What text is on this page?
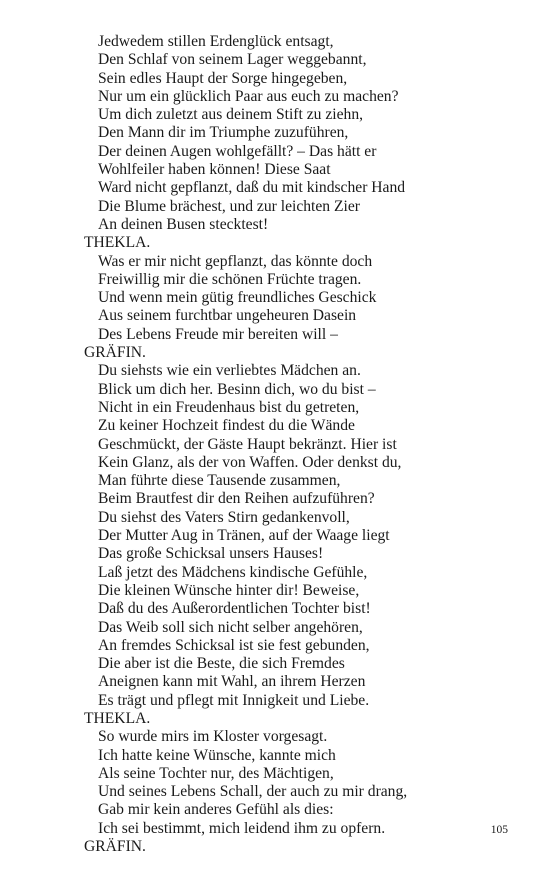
Jedwedem stillen Erdenglück entsagt,
Den Schlaf von seinem Lager weggebannt,
Sein edles Haupt der Sorge hingegeben,
Nur um ein glücklich Paar aus euch zu machen?
Um dich zuletzt aus deinem Stift zu ziehn,
Den Mann dir im Triumphe zuzuführen,
Der deinen Augen wohlgefällt? – Das hätt er
Wohlfeiler haben können! Diese Saat
Ward nicht gepflanzt, daß du mit kindscher Hand
Die Blume brächest, und zur leichten Zier
An deinen Busen stecktest!
THEKLA.
Was er mir nicht gepflanzt, das könnte doch
Freiwillig mir die schönen Früchte tragen.
Und wenn mein gütig freundliches Geschick
Aus seinem furchtbar ungeheuren Dasein
Des Lebens Freude mir bereiten will –
GRÄFIN.
Du siehsts wie ein verliebtes Mädchen an.
Blick um dich her. Besinn dich, wo du bist –
Nicht in ein Freudenhaus bist du getreten,
Zu keiner Hochzeit findest du die Wände
Geschmückt, der Gäste Haupt bekränzt. Hier ist
Kein Glanz, als der von Waffen. Oder denkst du,
Man führte diese Tausende zusammen,
Beim Brautfest dir den Reihen aufzuführen?
Du siehst des Vaters Stirn gedankenvoll,
Der Mutter Aug in Tränen, auf der Waage liegt
Das große Schicksal unsers Hauses!
Laß jetzt des Mädchens kindische Gefühle,
Die kleinen Wünsche hinter dir! Beweise,
Daß du des Außerordentlichen Tochter bist!
Das Weib soll sich nicht selber angehören,
An fremdes Schicksal ist sie fest gebunden,
Die aber ist die Beste, die sich Fremdes
Aneignen kann mit Wahl, an ihrem Herzen
Es trägt und pflegt mit Innigkeit und Liebe.
THEKLA.
So wurde mirs im Kloster vorgesagt.
Ich hatte keine Wünsche, kannte mich
Als seine Tochter nur, des Mächtigen,
Und seines Lebens Schall, der auch zu mir drang,
Gab mir kein anderes Gefühl als dies:
Ich sei bestimmt, mich leidend ihm zu opfern.
GRÄFIN.
105
